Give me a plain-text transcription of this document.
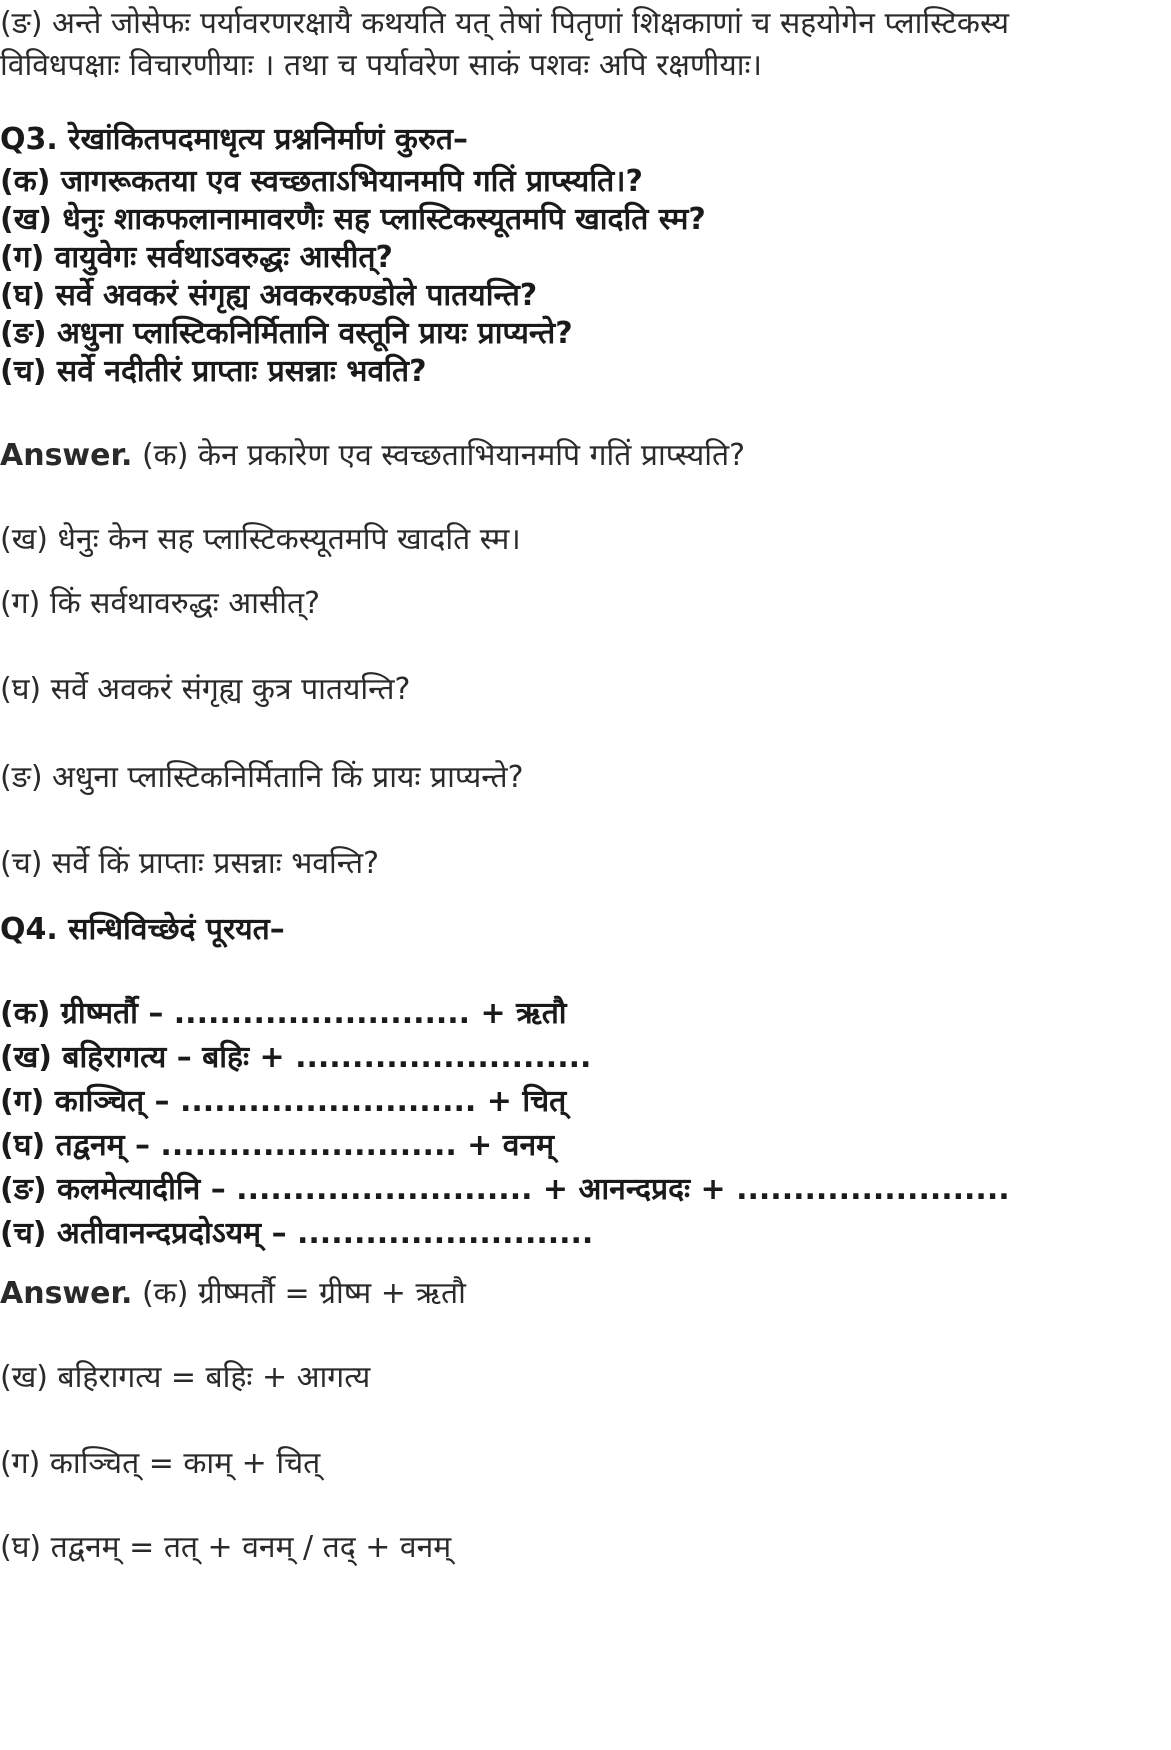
(ङ) अन्ते जोसेफः पर्यावरणरक्षायै कथयति यत् तेषां पितृणां शिक्षकाणां च सहयोगेन प्लास्टिकस्य
विविधपक्षाः विचारणीयाः । तथा च पर्यावरेण साकं पशवः अपि रक्षणीयाः।
Q3. रेखांकितपदमाधृत्य प्रश्ननिर्माणं कुरुत–
(क) जागरूकतया एव स्वच्छताऽभियानमपि गतिं प्राप्स्यति।?
(ख) धेनुः शाकफलानामावरणैः सह प्लास्टिकस्यूतमपि खादति स्म?
(ग) वायुवेगः सर्वथाऽवरुद्धः आसीत्?
(घ) सर्वे अवकरं संगृह्य अवकरकण्डोले पातयन्ति?
(ङ) अधुना प्लास्टिकनिर्मितानि वस्तूनि प्रायः प्राप्यन्ते?
(च) सर्वे नदीतीरं प्राप्ताः प्रसन्नाः भवति?
Answer. (क) केन प्रकारेण एव स्वच्छताभियानमपि गतिं प्राप्स्यति?
(ख) धेनुः केन सह प्लास्टिकस्यूतमपि खादति स्म।
(ग) किं सर्वथावरुद्धः आसीत्?
(घ) सर्वे अवकरं संगृह्य कुत्र पातयन्ति?
(ङ) अधुना प्लास्टिकनिर्मितानि किं प्रायः प्राप्यन्ते?
(च) सर्वे किं प्राप्ताः प्रसन्नाः भवन्ति?
Q4. सन्धिविच्छेदं पूरयत–
(क) ग्रीष्मर्तौ – .......................... + ऋतौ
(ख) बहिरागत्य – बहिः + ..........................
(ग) काञ्चित् – .......................... + चित्
(घ) तद्वनम् – .......................... + वनम्
(ङ) कलमेत्यादीनि – .......................... + आनन्दप्रदः + ........................
(च) अतीवानन्दप्रदोऽयम् – ..........................
Answer. (क) ग्रीष्मर्तौ = ग्रीष्म + ऋतौ
(ख) बहिरागत्य = बहिः + आगत्य
(ग) काञ्चित् = काम् + चित्
(घ) तद्वनम् = तत् + वनम् / तद् + वनम्
